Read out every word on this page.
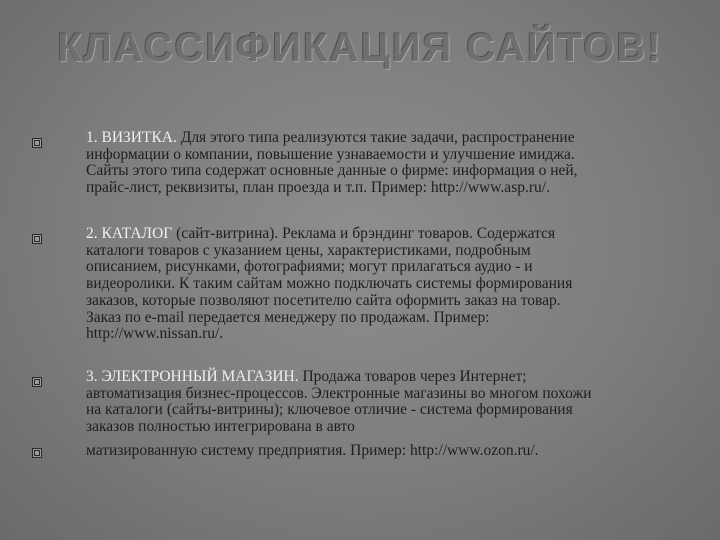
КЛАССИФИКАЦИЯ САЙТОВ!
1. ВИЗИТКА. Для этого типа реализуются такие задачи, распространение
информации о компании, повышение узнаваемости и улучшение имиджа.
Сайты этого типа содержат основные данные о фирме: информация о ней,
прайс-лист, реквизиты, план проезда и т.п. Пример: http://www.asp.ru/.
2. КАТАЛОГ (сайт-витрина). Реклама и брэндинг товаров. Содержатся
каталоги товаров с указанием цены, характеристиками, подробным
описанием, рисунками, фотографиями; могут прилагаться аудио - и
видеоролики. К таким сайтам можно подключать системы формирования
заказов, которые позволяют посетителю сайта оформить заказ на товар.
Заказ по e-mail передается менеджеру по продажам. Пример:
http://www.nissan.ru/.
3. ЭЛЕКТРОННЫЙ МАГАЗИН. Продажа товаров через Интернет;
автоматизация бизнес-процессов. Электронные магазины во многом похожи
на каталоги (сайты-витрины); ключевое отличие - система формирования
заказов полностью интегрирована в авто
матизированную систему предприятия. Пример: http://www.ozon.ru/.
